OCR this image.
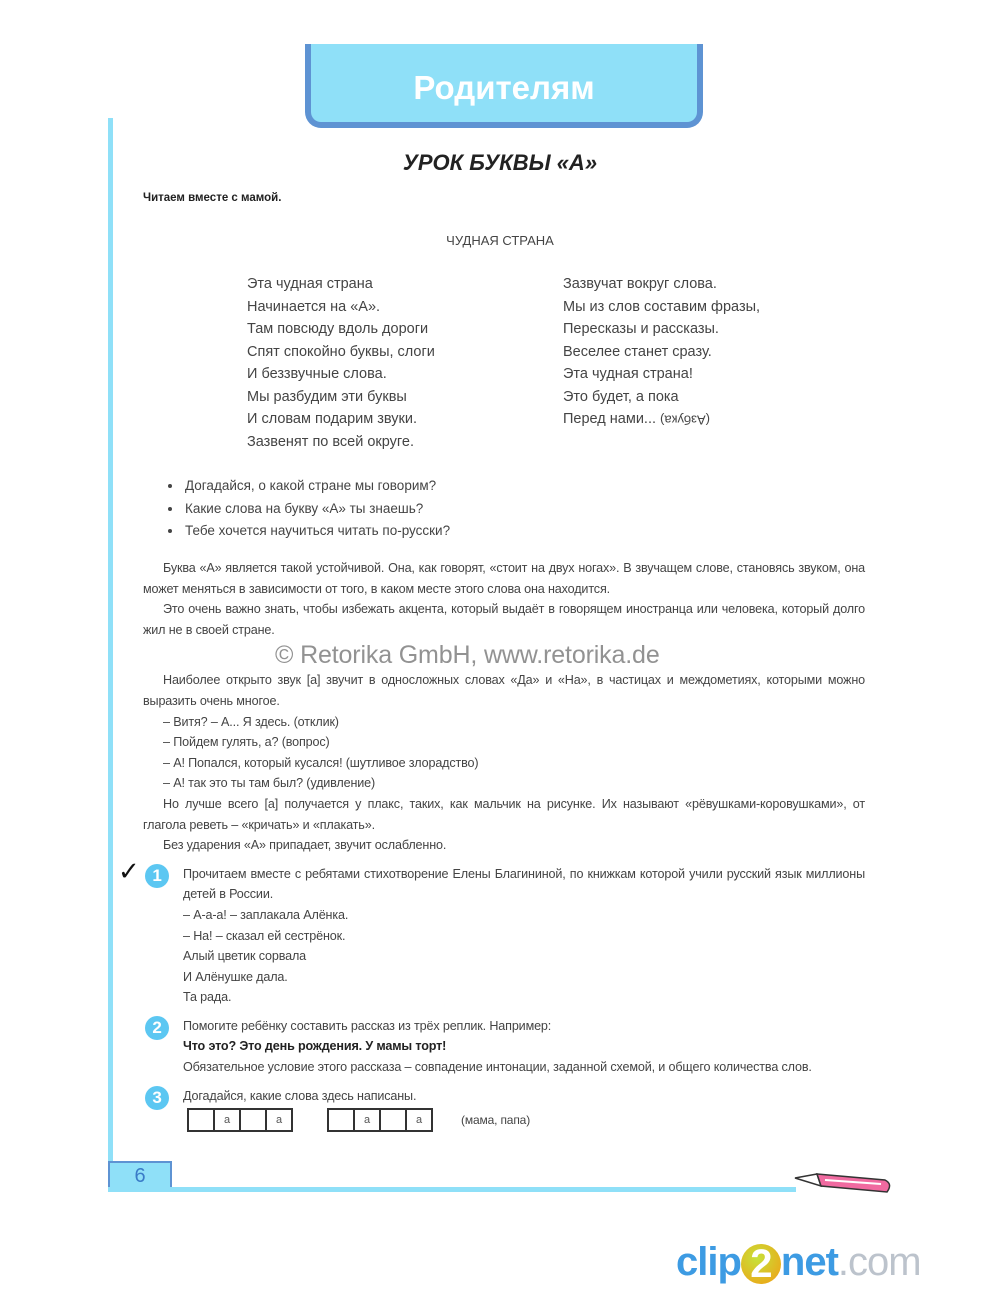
Родителям
6
УРОК БУКВЫ «А»
Читаем вместе с мамой.
ЧУДНАЯ СТРАНА
Эта чудная страна
Начинается на «А».
Там повсюду вдоль дороги
Спят спокойно буквы, слоги
И беззвучные слова.
Мы разбудим эти буквы
И словам подарим звуки.
Зазвенят по всей округе.
Зазвучат вокруг слова.
Мы из слов составим фразы,
Пересказы и рассказы.
Веселее станет сразу.
Эта чудная страна!
Это будет, а пока
Перед нами... (Азбука)
• Догадайся, о какой стране мы говорим?
• Какие слова на букву «А» ты знаешь?
• Тебе хочется научиться читать по-русски?

Буква «А» является такой устойчивой. Она, как говорят, «стоит на двух ногах». В звучащем слове, становясь звуком, она может меняться в зависимости от того, в каком месте этого слова она находится.

Это очень важно знать, чтобы избежать акцента, который выдаёт в говорящем иностранца или человека, который долго жил не в своей стране.

© Retorika GmbH, www.retorika.de

Наиболее открыто звук [а] звучит в односложных словах «Да» и «На», в частицах и междометиях, которыми можно выразить очень многое.

– Витя? – А... Я здесь. (отклик)

– Пойдем гулять, а? (вопрос)

– А! Попался, который кусался! (шутливое злорадство)

– А! так это ты там был? (удивление)

Но лучше всего [а] получается у плакс, таких, как мальчик на рисунке. Их называют «рёвушками-коровушками», от глагола реветь – «кричать» и «плакать».

Без ударения «А» припадает, звучит ослабленно.

✓ 1	Прочитаем вместе с ребятами стихотворение Елены Благининой, по книжкам которой учили русский язык миллионы детей в России.

– А-а-а! – заплакала Алёнка.

– На! – сказал ей сестрёнок.

Алый цветик сорвала

И Алёнушке дала.

Та рада.

2	Помогите ребёнку составить рассказ из трёх реплик. Например:

Что это? Это день рождения. У мамы торт!

Обязательное условие этого рассказа – совпадение интонации, заданной схемой, и общего количества слов.

3	Догадайся, какие слова здесь написаны.

а	а	а	а	(мама, папа)
clip 2 net.com
